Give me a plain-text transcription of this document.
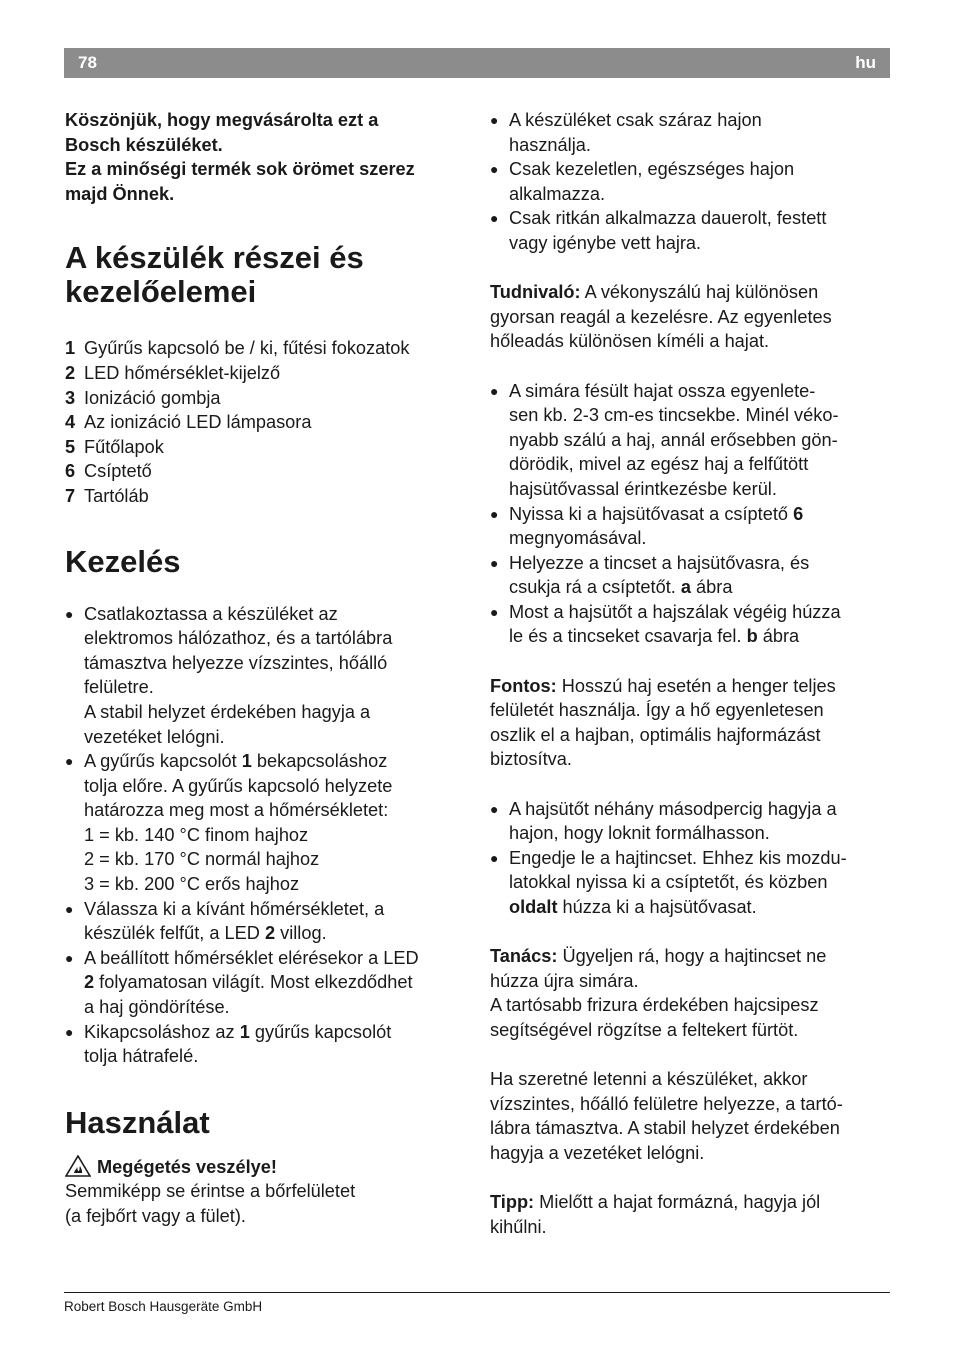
78	hu

Köszönjük, hogy megvásárolta ezt a

Bosch készüléket.

Ez a minőségi termék sok örömet szerez

majd Önnek.

A készülék részei és
kezelőelemei
1 Gyűrűs kapcsoló be / ki, fűtési fokozatok
2 LED hőmérséklet-kijelző
3 Ionizáció gombja
4 Az ionizáció LED lámpasora
5 Fűtőlapok
6 Csíptető
7 Tartóláb
Kezelés
● Csatlakoztassa a készüléket az
elektromos hálózathoz, és a tartólábra
támasztva helyezze vízszintes, hőálló
felületre.
A stabil helyzet érdekében hagyja a
vezetéket lelógni.
● A gyűrűs kapcsolót 1 bekapcsoláshoz
tolja előre. A gyűrűs kapcsoló helyzete
határozza meg most a hőmérsékletet:
1 = kb. 140 °C finom hajhoz
2 = kb. 170 °C normál hajhoz
3 = kb. 200 °C erős hajhoz
● Válassza ki a kívánt hőmérsékletet, a
készülék felfűt, a LED 2 villog.
● A beállított hőmérséklet elérésekor a LED
2 folyamatosan világít. Most elkezdődhet
a haj göndörítése.
● Kikapcsoláshoz az 1 gyűrűs kapcsolót
tolja hátrafelé.
Használat
Megégetés veszélye!
Semmiképp se érintse a bőrfelületet
(a fejbőrt vagy a fület).
● A készüléket csak száraz hajon
használja.
● Csak kezeletlen, egészséges hajon
alkalmazza.
● Csak ritkán alkalmazza dauerolt, festett
vagy igénybe vett hajra.
Tudnivaló: A vékonyszálú haj különösen
gyorsan reagál a kezelésre. Az egyenletes
hőleadás különösen kíméli a hajat.
● A simára fésült hajat ossza egyenlete-
sen kb. 2-3 cm-es tincsekbe. Minél véko-
nyabb szálú a haj, annál erősebben gön-
dörödik, mivel az egész haj a felfűtött
hajsütővassal érintkezésbe kerül.
● Nyissa ki a hajsütővasat a csíptető 6
megnyomásával.
● Helyezze a tincset a hajsütővasra, és
csukja rá a csíptetőt. a ábra
● Most a hajsütőt a hajszálak végéig húzza
le és a tincseket csavarja fel. b ábra
Fontos: Hosszú haj esetén a henger teljes
felületét használja. Így a hő egyenletesen
oszlik el a hajban, optimális hajformázást
biztosítva.
● A hajsütőt néhány másodpercig hagyja a
hajon, hogy loknit formálhasson.
● Engedje le a hajtincset. Ehhez kis mozdu-
latokkal nyissa ki a csíptetőt, és közben
oldalt húzza ki a hajsütővasat.
Tanács: Ügyeljen rá, hogy a hajtincset ne
húzza újra simára.
A tartósabb frizura érdekében hajcsipesz
segítségével rögzítse a feltekert fürtöt.
Ha szeretné letenni a készüléket, akkor
vízszintes, hőálló felületre helyezze, a tartó-
lábra támasztva. A stabil helyzet érdekében
hagyja a vezetéket lelógni.
Tipp: Mielőtt a hajat formázná, hagyja jól
kihűlni.
Robert Bosch Hausgeräte GmbH
